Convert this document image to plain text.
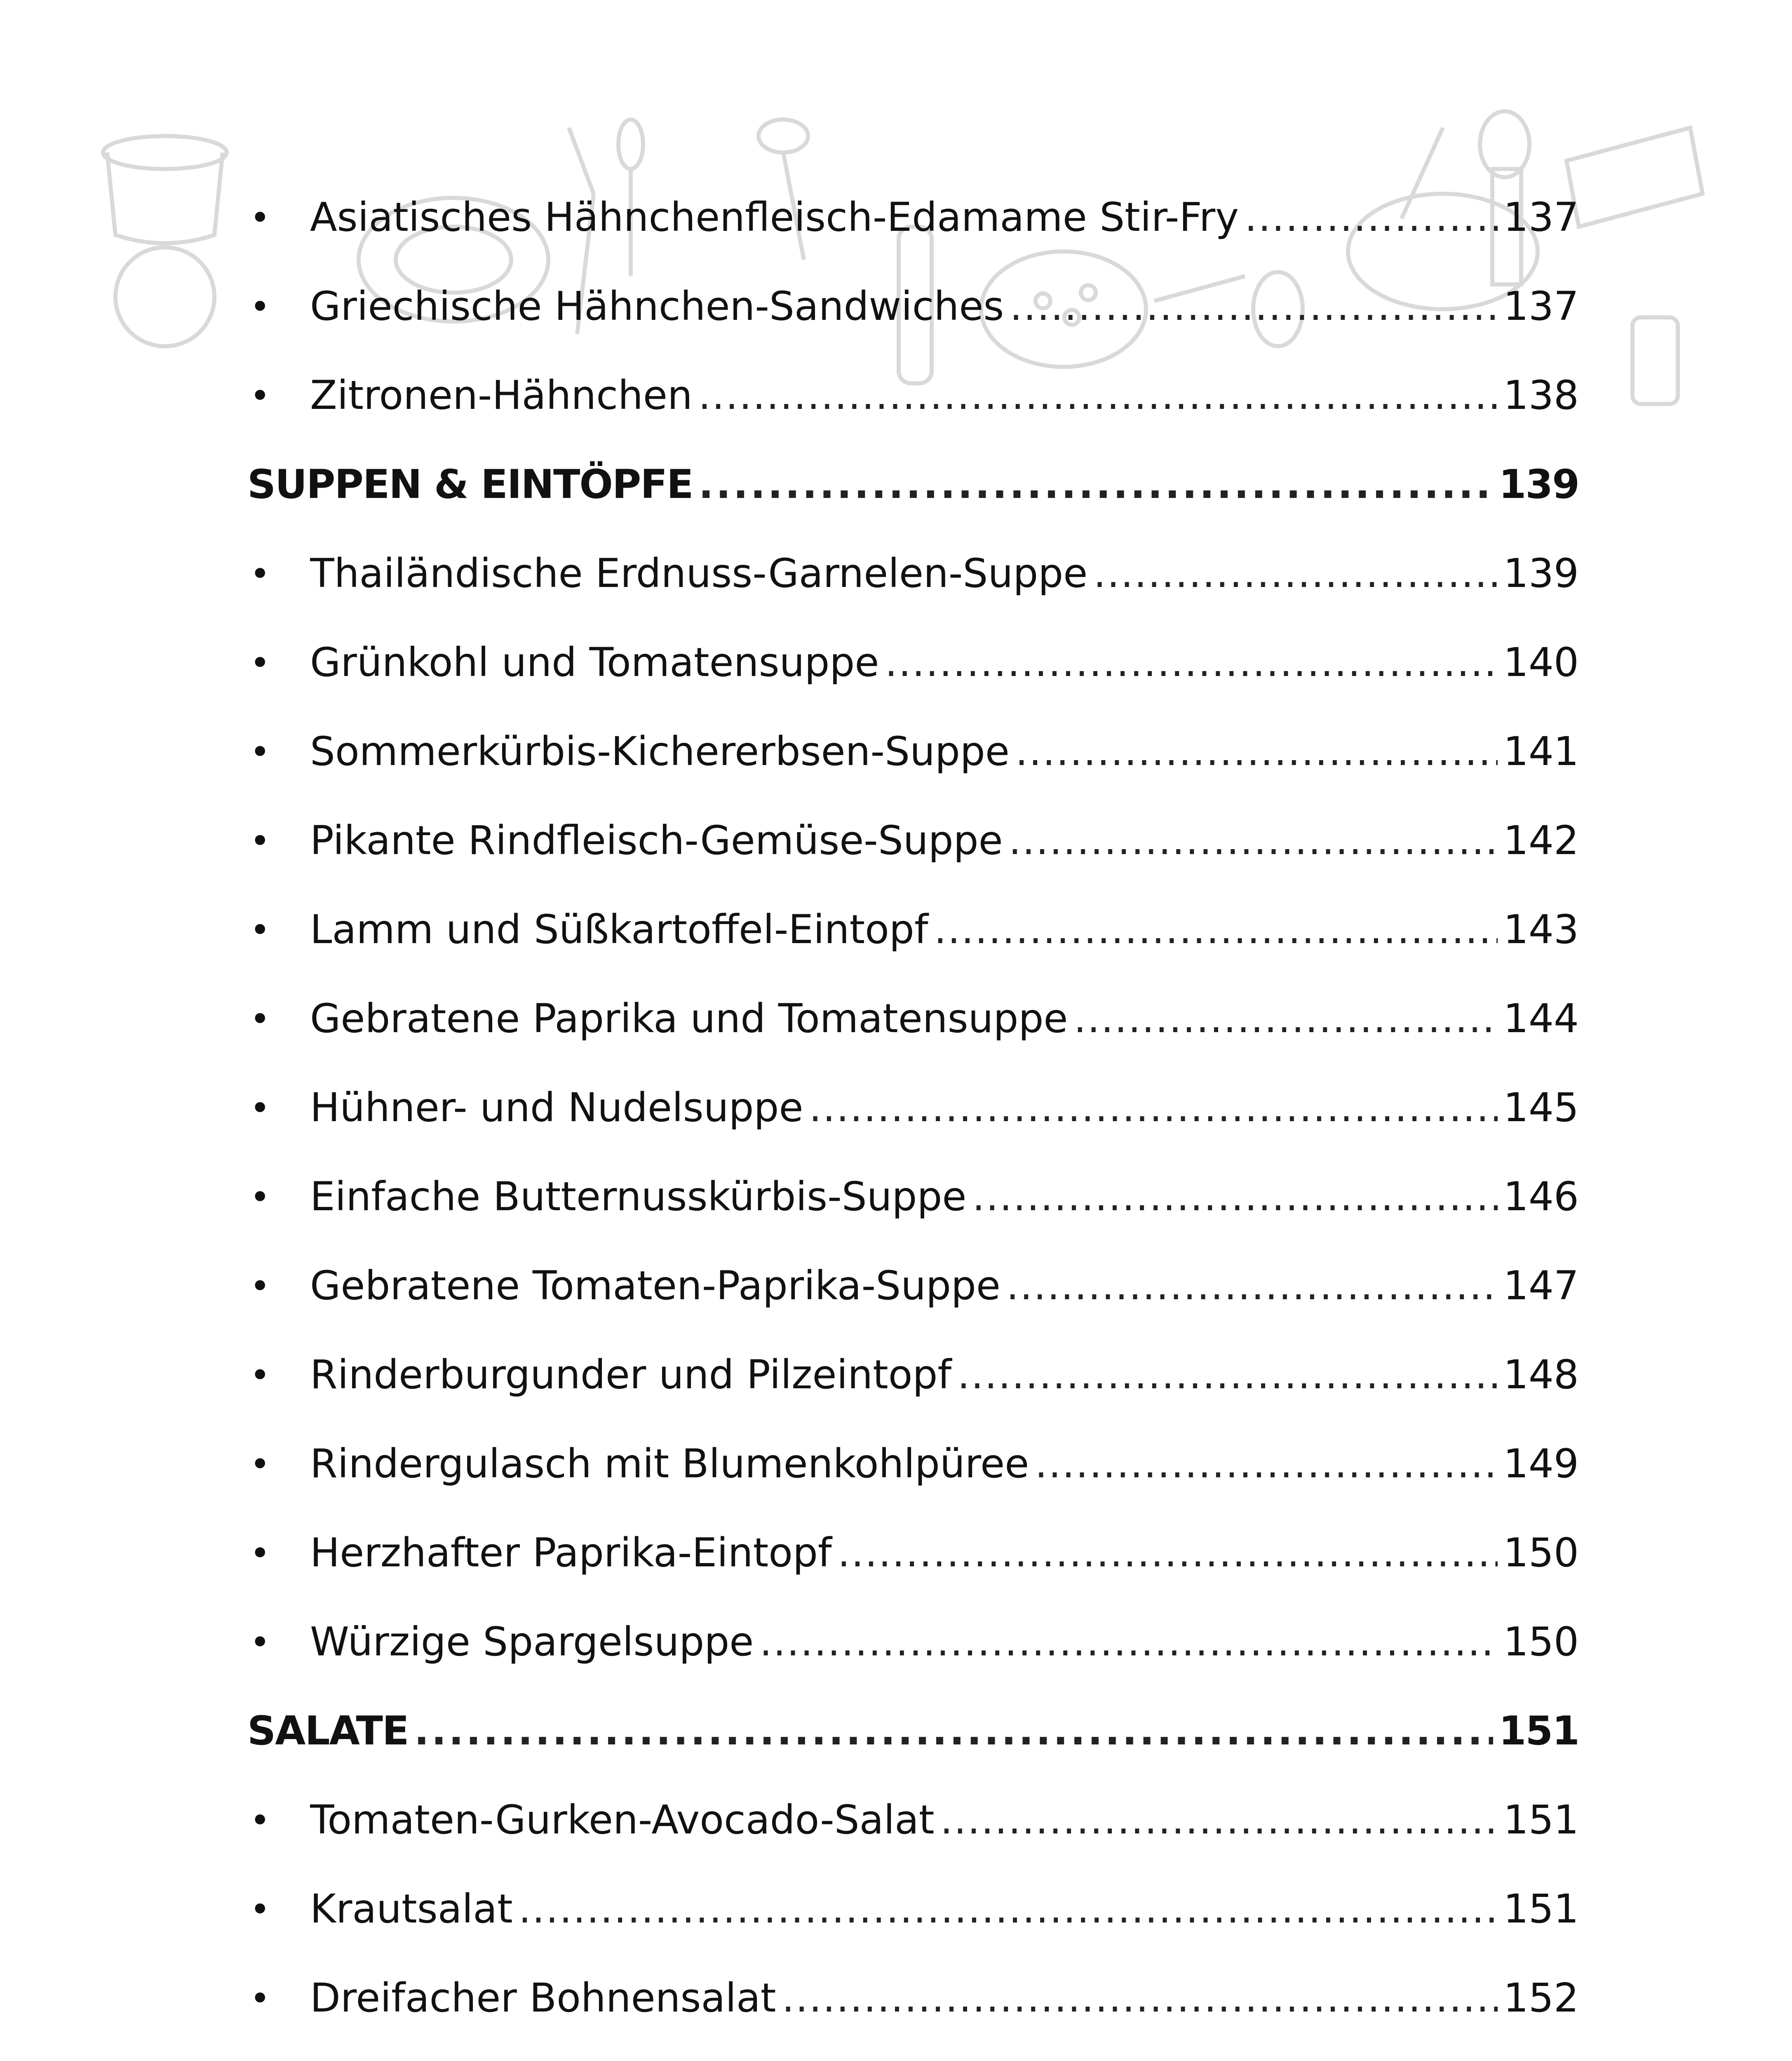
•	Asiatisches Hähnchenfleisch-Edamame Stir-Fry . . .	137
•	Griechische Hähnchen-Sandwiches . . .	137
•	Zitronen-Hähnchen . . .	138
SUPPEN & EINTÖPFE . . .	139
•	Thailändische Erdnuss-Garnelen-Suppe . . .	139
•	Grünkohl und Tomatensuppe . . .	140
•	Sommerkürbis-Kichererbsen-Suppe . . .	141
•	Pikante Rindfleisch-Gemüse-Suppe . . .	142
•	Lamm und Süßkartoffel-Eintopf . . .	143
•	Gebratene Paprika und Tomatensuppe . . .	144
•	Hühner- und Nudelsuppe . . .	145
•	Einfache Butternusskürbis-Suppe . . .	146
•	Gebratene Tomaten-Paprika-Suppe . . .	147
•	Rinderburgunder und Pilzeintopf . . .	148
•	Rindergulasch mit Blumenkohlpüree . . .	149
•	Herzhafter Paprika-Eintopf . . .	150
•	Würzige Spargelsuppe . . .	150
SALATE . . .	151
•	Tomaten-Gurken-Avocado-Salat . . .	151
•	Krautsalat . . .	151
•	Dreifacher Bohnensalat . . .	152
